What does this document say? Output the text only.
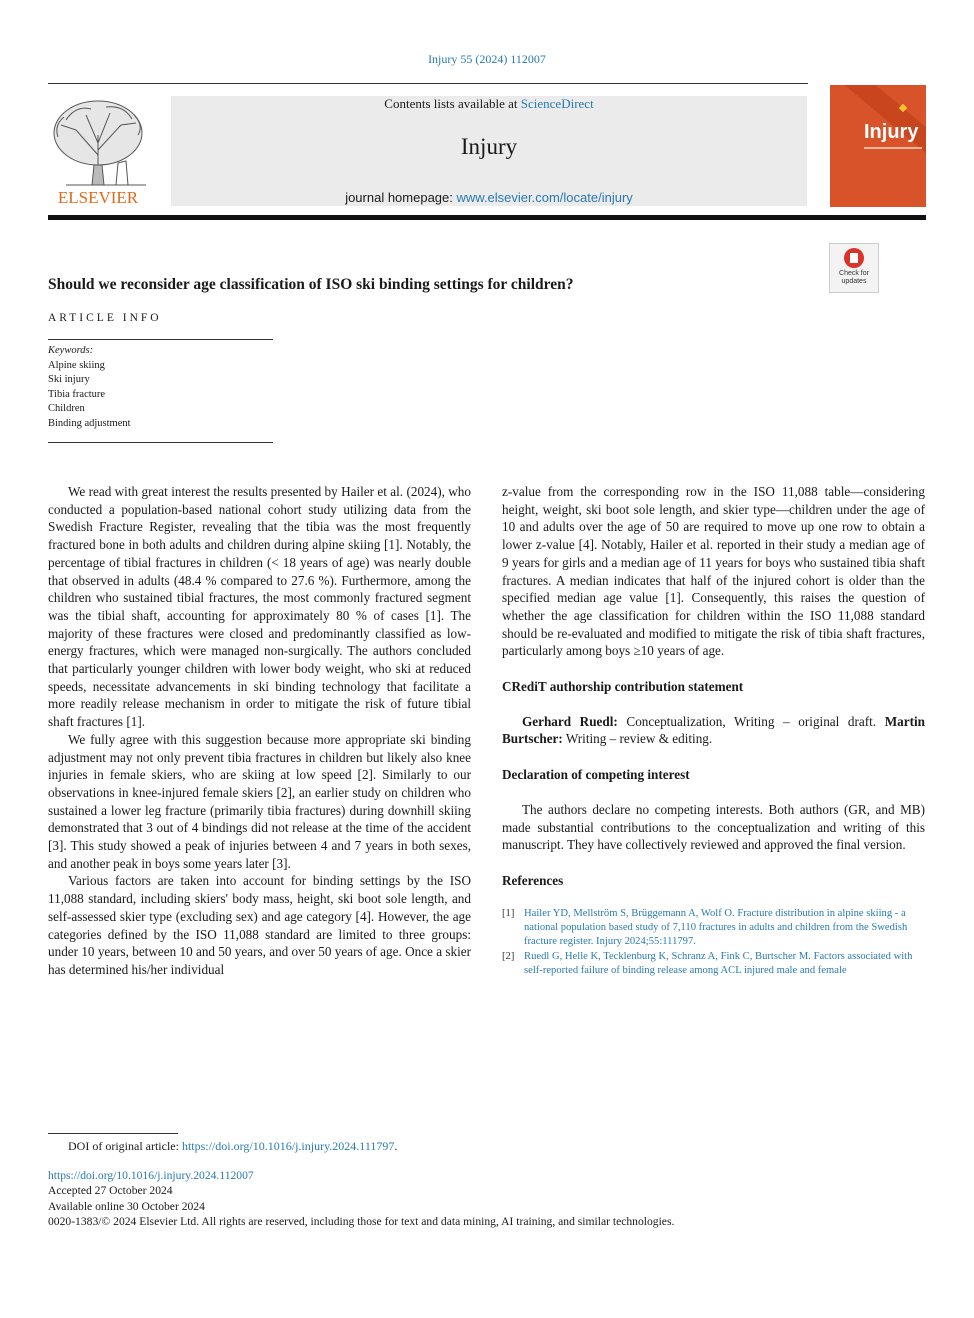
Injury 55 (2024) 112007
ELSEVIER
Contents lists available at ScienceDirect
Injury
journal homepage: www.elsevier.com/locate/injury
Injury
Check for updates
Should we reconsider age classification of ISO ski binding settings for children?
ARTICLE INFO
Keywords:
Alpine skiing
Ski injury
Tibia fracture
Children
Binding adjustment

We read with great interest the results presented by Hailer et al. (2024), who conducted a population-based national cohort study utilizing data from the Swedish Fracture Register, revealing that the tibia was the most frequently fractured bone in both adults and children during alpine skiing [1]. Notably, the percentage of tibial fractures in children (< 18 years of age) was nearly double that observed in adults (48.4 % compared to 27.6 %). Furthermore, among the children who sustained tibial fractures, the most commonly fractured segment was the tibial shaft, accounting for approximately 80 % of cases [1]. The majority of these fractures were closed and predominantly classified as low-energy fractures, which were managed non-surgically. The authors concluded that particularly younger children with lower body weight, who ski at reduced speeds, necessitate advancements in ski binding technology that facilitate a more readily release mechanism in order to mitigate the risk of future tibial shaft fractures [1].

We fully agree with this suggestion because more appropriate ski binding adjustment may not only prevent tibia fractures in children but likely also knee injuries in female skiers, who are skiing at low speed [2]. Similarly to our observations in knee-injured female skiers [2], an earlier study on children who sustained a lower leg fracture (primarily tibia fractures) during downhill skiing demonstrated that 3 out of 4 bindings did not release at the time of the accident [3]. This study showed a peak of injuries between 4 and 7 years in both sexes, and another peak in boys some years later [3].

Various factors are taken into account for binding settings by the ISO 11,088 standard, including skiers' body mass, height, ski boot sole length, and self-assessed skier type (excluding sex) and age category [4]. However, the age categories defined by the ISO 11,088 standard are limited to three groups: under 10 years, between 10 and 50 years, and over 50 years of age. Once a skier has determined his/her individual

z-value from the corresponding row in the ISO 11,088 table—considering height, weight, ski boot sole length, and skier type—children under the age of 10 and adults over the age of 50 are required to move up one row to obtain a lower z-value [4]. Notably, Hailer et al. reported in their study a median age of 9 years for girls and a median age of 11 years for boys who sustained tibia shaft fractures. A median indicates that half of the injured cohort is older than the specified median age value [1]. Consequently, this raises the question of whether the age classification for children within the ISO 11,088 standard should be re-evaluated and modified to mitigate the risk of tibia shaft fractures, particularly among boys ≥10 years of age.

CRediT authorship contribution statement

Gerhard Ruedl: Conceptualization, Writing – original draft. Martin Burtscher: Writing – review & editing.

Declaration of competing interest

The authors declare no competing interests. Both authors (GR, and MB) made substantial contributions to the conceptualization and writing of this manuscript. They have collectively reviewed and approved the final version.

References
[1] Hailer YD, Mellström S, Brüggemann A, Wolf O. Fracture distribution in alpine skiing - a national population based study of 7,110 fractures in adults and children from the Swedish fracture register. Injury 2024;55:111797.
[2] Ruedl G, Helle K, Tecklenburg K, Schranz A, Fink C, Burtscher M. Factors associated with self-reported failure of binding release among ACL injured male and female
DOI of original article: https://doi.org/10.1016/j.injury.2024.111797.
https://doi.org/10.1016/j.injury.2024.112007
Accepted 27 October 2024
Available online 30 October 2024
0020-1383/© 2024 Elsevier Ltd. All rights are reserved, including those for text and data mining, AI training, and similar technologies.
